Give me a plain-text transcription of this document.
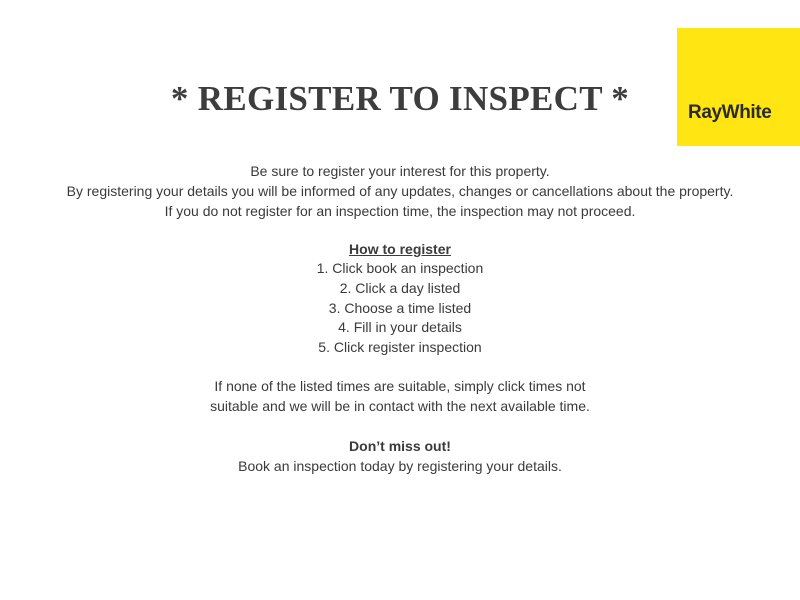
RayWhite
* REGISTER TO INSPECT *
Be sure to register your interest for this property.
By registering your details you will be informed of any updates, changes or cancellations about the property.
If you do not register for an inspection time, the inspection may not proceed.
How to register
1. Click book an inspection
2. Click a day listed
3. Choose a time listed
4. Fill in your details
5. Click register inspection
If none of the listed times are suitable, simply click times not
suitable and we will be in contact with the next available time.
Don’t miss out!
Book an inspection today by registering your details.
